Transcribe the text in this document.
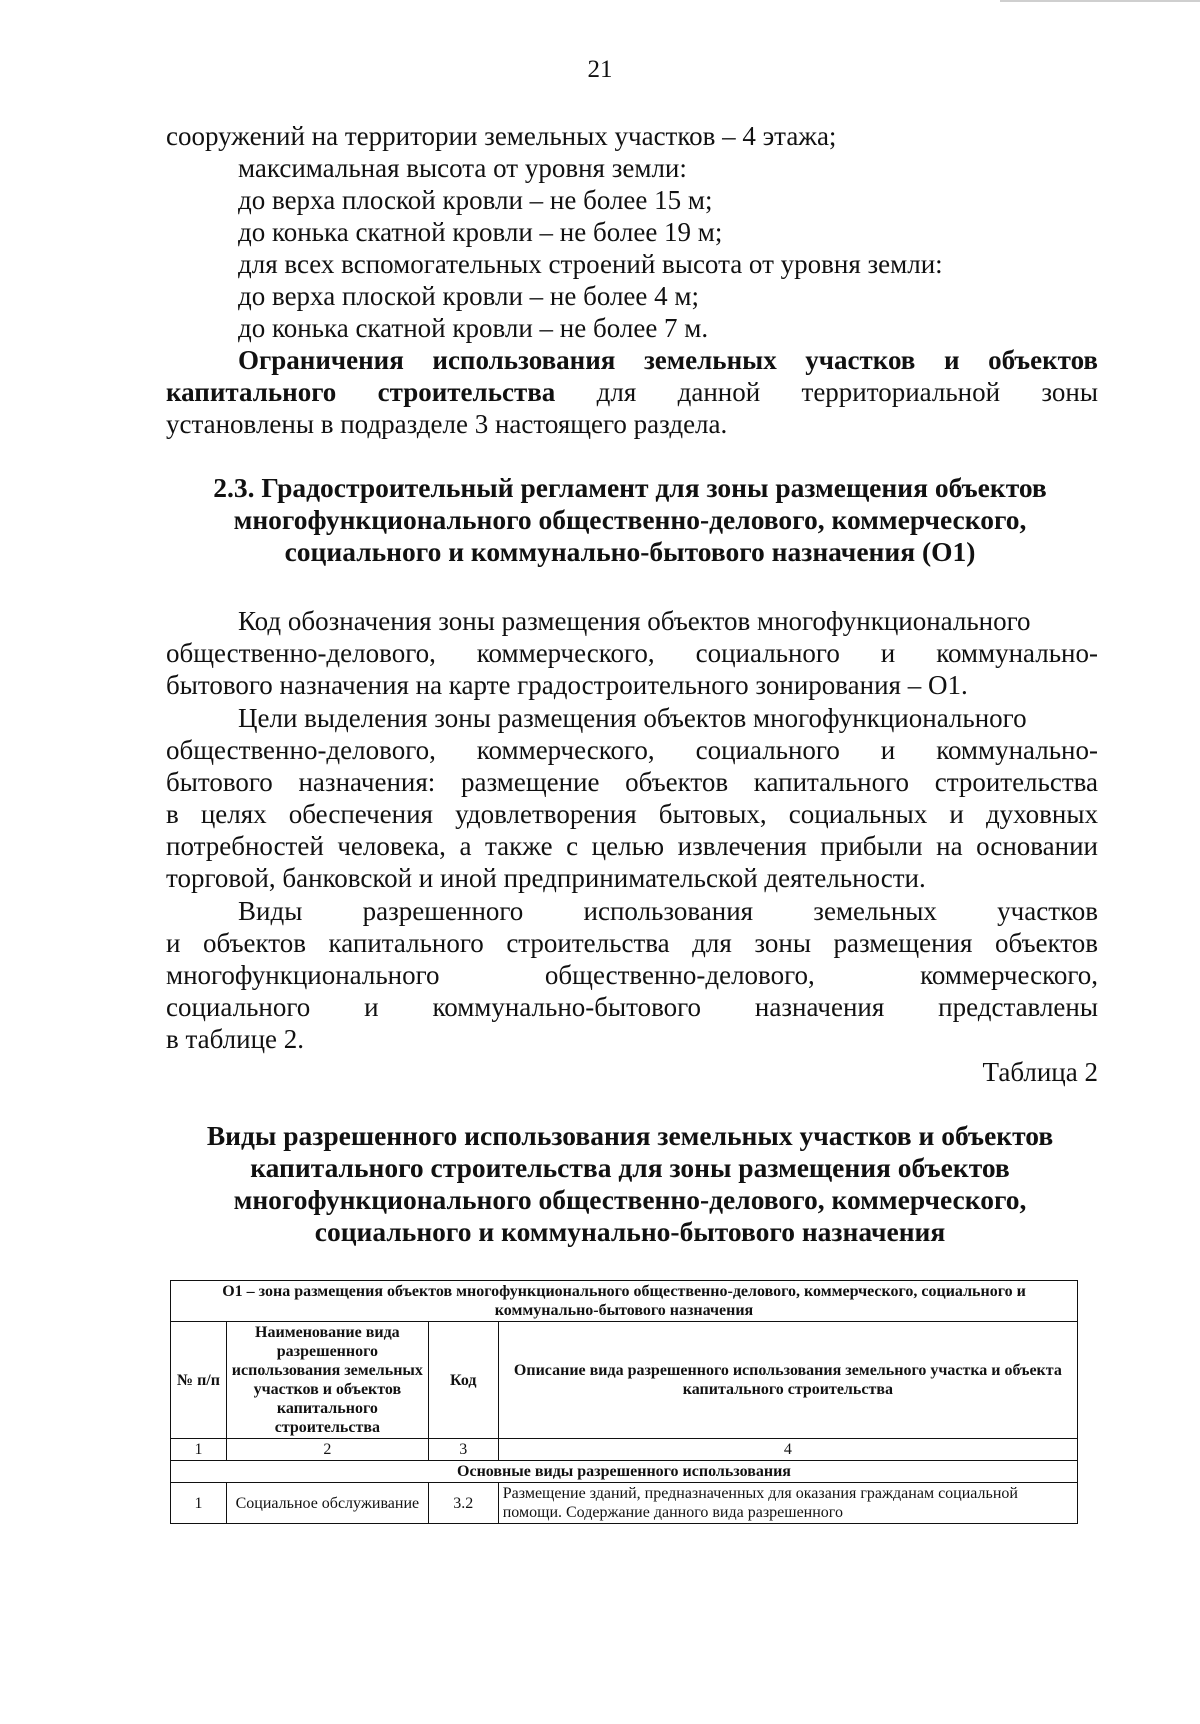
21
сооружений на территории земельных участков – 4 этажа;
максимальная высота от уровня земли:
до верха плоской кровли – не более 15 м;
до конька скатной кровли – не более 19 м;
для всех вспомогательных строений высота от уровня земли:
до верха плоской кровли – не более 4 м;
до конька скатной кровли – не более 7 м.
Ограничения использования земельных участков и объектов
капитального строительства для данной территориальной зоны
установлены в подразделе 3 настоящего раздела.
2.3. Градостроительный регламент для зоны размещения объектов
многофункционального общественно-делового, коммерческого,
социального и коммунально-бытового назначения (О1)
Код обозначения зоны размещения объектов многофункционального
общественно-делового, коммерческого, социального и коммунально-
бытового назначения на карте градостроительного зонирования – О1.
Цели выделения зоны размещения объектов многофункционального
общественно-делового, коммерческого, социального и коммунально-
бытового назначения: размещение объектов капитального строительства
в целях обеспечения удовлетворения бытовых, социальных и духовных
потребностей человека, а также с целью извлечения прибыли на основании
торговой, банковской и иной предпринимательской деятельности.
Виды разрешенного использования земельных участков
и объектов капитального строительства для зоны размещения объектов
многофункционального общественно-делового, коммерческого,
социального и коммунально-бытового назначения представлены
в таблице 2.
Таблица 2
Виды разрешенного использования земельных участков и объектов
капитального строительства для зоны размещения объектов
многофункционального общественно-делового, коммерческого,
социального и коммунально-бытового назначения
О1 – зона размещения объектов многофункционального общественно-делового, коммерческого, социального и коммунально-бытового назначения			
№ п/п	Наименование вида разрешенного использования земельных участков и объектов капитального строительства	Код	Описание вида разрешенного использования земельного участка и объекта капитального строительства
1	2	3	4
Основные виды разрешенного использования			
1	Социальное обслуживание	3.2	Размещение зданий, предназначенных для оказания гражданам социальной помощи. Содержание данного вида разрешенного
